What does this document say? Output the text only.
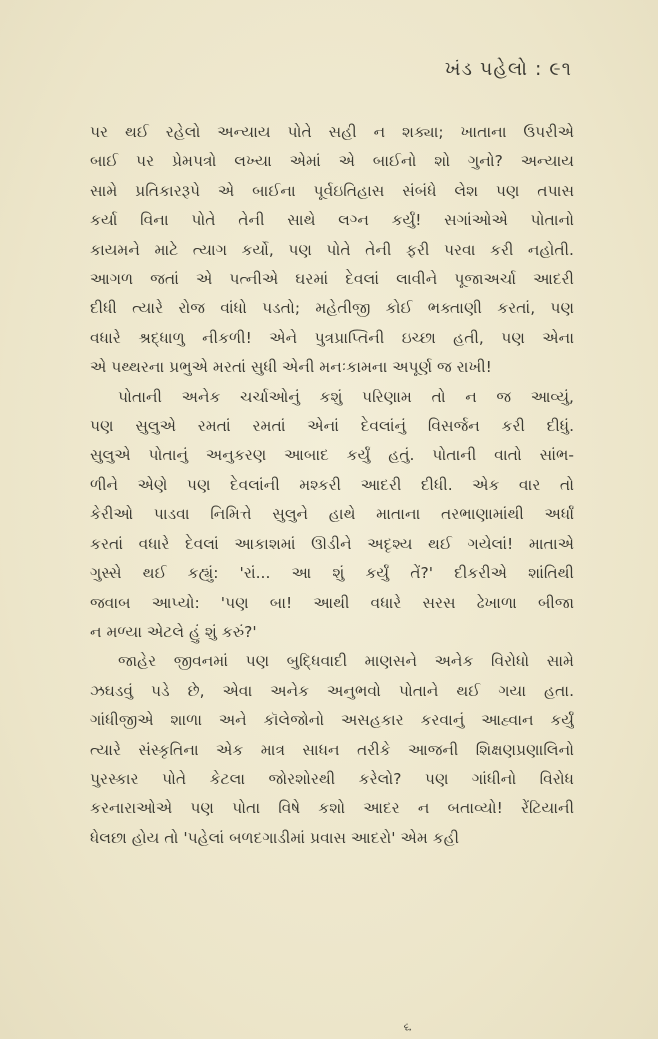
ખંડ પહેલો : ૯૧

પર થઈ રહેલો અન્યાય પોતે સહી ન શક્યા; ખાતાના ઉપરીએ
બાઈ પર પ્રેમપત્રો લખ્યા એમાં એ બાઈનો શો ગુનો? અન્યાય
સામે પ્રતિકારરૂપે એ બાઈના પૂર્વઇતિહાસ સંબંધે લેશ પણ તપાસ
કર્યા વિના પોતે તેની સાથે લગ્ન કર્યું! સગાંઓએ પોતાનો
કાયમને માટે ત્યાગ કર્યો, પણ પોતે તેની ફરી પરવા કરી નહોતી.
આગળ જતાં એ પત્નીએ ઘરમાં દેવલાં લાવીને પૂજાઅર્ચા આદરી
દીધી ત્યારે રોજ વાંધો પડતો; મહેતીજી કોઈ ભક્તાણી કરતાં, પણ
વધારે શ્રદ્ધાળુ નીકળી! એને પુત્રપ્રાપ્તિની ઇચ્છા હતી, પણ એના
એ પથ્થરના પ્રભુએ મરતાં સુધી એની મનઃકામના અપૂર્ણ જ રાખી!

પોતાની અનેક ચર્ચાઓનું કશું પરિણામ તો ન જ આવ્યું,
પણ સુલુએ રમતાં રમતાં એનાં દેવલાંનું વિસર્જન કરી દીધું.
સુલુએ પોતાનું અનુકરણ આબાદ કર્યું હતું. પોતાની વાતો સાંભ-
ળીને એણે પણ દેવલાંની મશ્કરી આદરી દીધી. એક વાર તો
કેરીઓ પાડવા નિમિત્તે સુલુને હાથે માતાના તરભાણામાંથી અર્ધાં
કરતાં વધારે દેવલાં આકાશમાં ઊડીને અદૃશ્ય થઈ ગયેલાં! માતાએ
ગુસ્સે થઈ કહ્યું: 'રાં... આ શું કર્યું તેં?' દીકરીએ શાંતિથી
જવાબ આપ્યો: 'પણ બા! આથી વધારે સરસ ઢેખાળા બીજા
ન મળ્યા એટલે હું શું કરું?'

જાહેર જીવનમાં પણ બુદ્ધિવાદી માણસને અનેક વિરોધો સામે
ઝઘડવું પડે છે, એવા અનેક અનુભવો પોતાને થઈ ગયા હતા.
ગાંધીજીએ શાળા અને કૉલેજોનો અસહકાર કરવાનું આહ્વાન કર્યું
ત્યારે સંસ્કૃતિના એક માત્ર સાધન તરીકે આજની શિક્ષણપ્રણાલિનો
પુરસ્કાર પોતે કેટલા જોરશોરથી કરેલો? પણ ગાંધીનો વિરોધ
કરનારાઓએ પણ પોતા વિષે કશો આદર ન બતાવ્યો! રેંટિયાની
ધેલછા હોય તો 'પહેલાં બળદગાડીમાં પ્રવાસ આદરો' એમ કહી

૬
